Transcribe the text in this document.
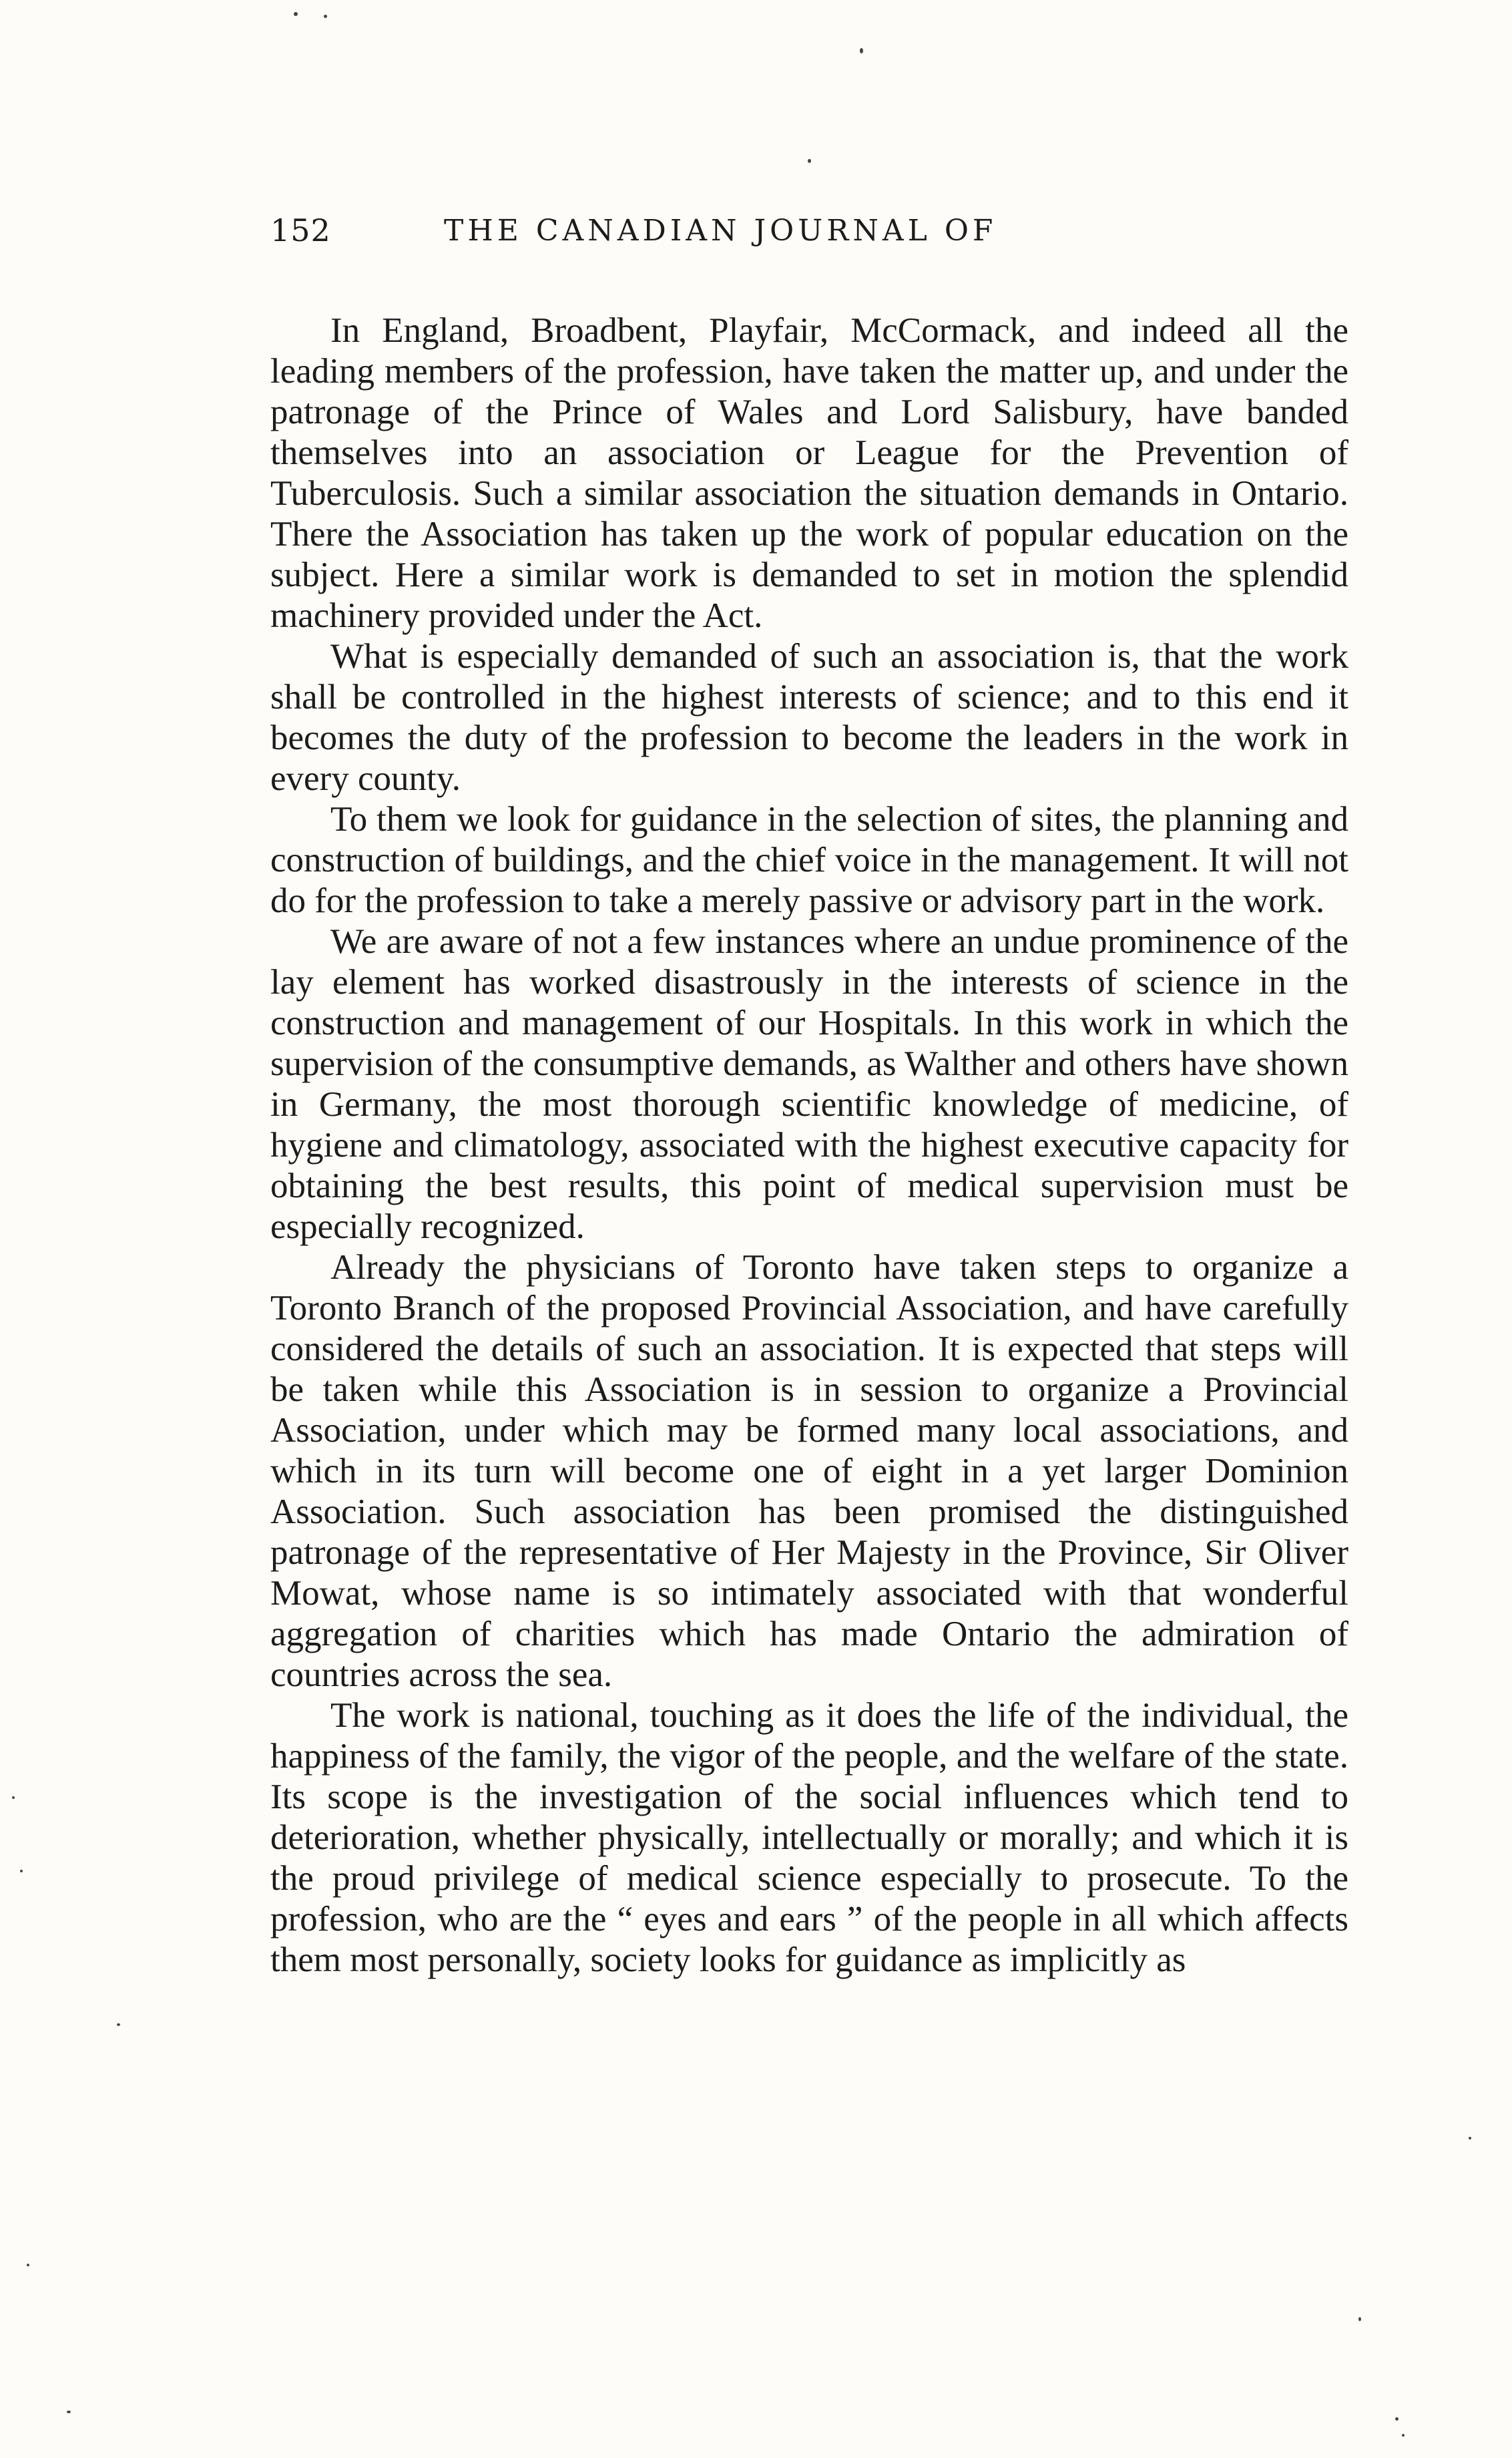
152	THE CANADIAN JOURNAL OF

In England, Broadbent, Playfair, McCormack, and indeed all the leading members of the profession, have taken the matter up, and under the patronage of the Prince of Wales and Lord Salisbury, have banded themselves into an association or League for the Prevention of Tuberculosis. Such a similar association the situation demands in Ontario. There the Association has taken up the work of popular education on the subject. Here a similar work is demanded to set in motion the splendid machinery provided under the Act.

What is especially demanded of such an association is, that the work shall be controlled in the highest interests of science; and to this end it becomes the duty of the profession to become the leaders in the work in every county.

To them we look for guidance in the selection of sites, the planning and construction of buildings, and the chief voice in the management. It will not do for the profession to take a merely passive or advisory part in the work.

We are aware of not a few instances where an undue prominence of the lay element has worked disastrously in the interests of science in the construction and management of our Hospitals. In this work in which the supervision of the consumptive demands, as Walther and others have shown in Germany, the most thorough scientific knowledge of medicine, of hygiene and climatology, associated with the highest executive capacity for obtaining the best results, this point of medical supervision must be especially recognized.

Already the physicians of Toronto have taken steps to organize a Toronto Branch of the proposed Provincial Association, and have carefully considered the details of such an association. It is expected that steps will be taken while this Association is in session to organize a Provincial Association, under which may be formed many local associations, and which in its turn will become one of eight in a yet larger Dominion Association. Such association has been promised the distinguished patronage of the representative of Her Majesty in the Province, Sir Oliver Mowat, whose name is so intimately associated with that wonderful aggregation of charities which has made Ontario the admiration of countries across the sea.

The work is national, touching as it does the life of the individual, the happiness of the family, the vigor of the people, and the welfare of the state. Its scope is the investigation of the social influences which tend to deterioration, whether physically, intellectually or morally; and which it is the proud privilege of medical science especially to prosecute. To the profession, who are the “ eyes and ears ” of the people in all which affects them most personally, society looks for guidance as implicitly as
